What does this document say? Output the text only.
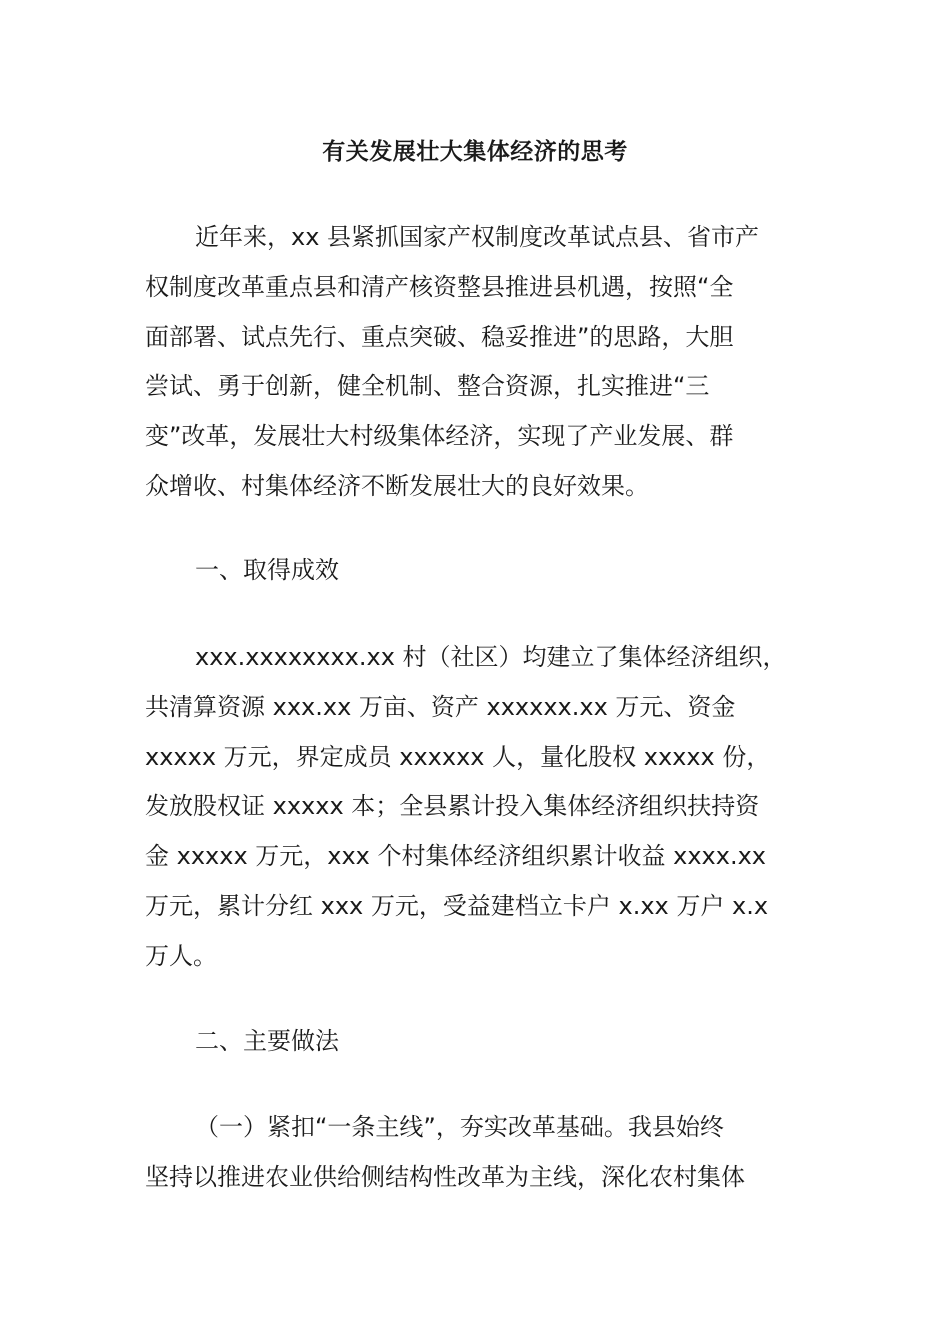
有关发展壮大集体经济的思考

近年来，xx 县紧抓国家产权制度改革试点县、省市产

权制度改革重点县和清产核资整县推进县机遇，按照“全

面部署、试点先行、重点突破、稳妥推进”的思路，大胆

尝试、勇于创新，健全机制、整合资源，扎实推进“三

变”改革，发展壮大村级集体经济，实现了产业发展、群

众增收、村集体经济不断发展壮大的良好效果。

一、取得成效

xxx.xxxxxxxx.xx 村（社区）均建立了集体经济组织，

共清算资源 xxx.xx 万亩、资产 xxxxxx.xx 万元、资金

xxxxx 万元，界定成员 xxxxxx 人，量化股权 xxxxx 份，

发放股权证 xxxxx 本；全县累计投入集体经济组织扶持资

金 xxxxx 万元，xxx 个村集体经济组织累计收益 xxxx.xx

万元，累计分红 xxx 万元，受益建档立卡户 x.xx 万户 x.x

万人。

二、主要做法

（一）紧扣“一条主线”，夯实改革基础。我县始终

坚持以推进农业供给侧结构性改革为主线，深化农村集体
